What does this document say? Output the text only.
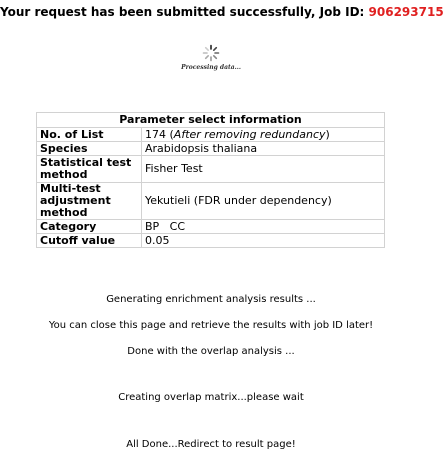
Your request has been submitted successfully, Job ID: 906293715
Processing data...
Parameter select information	
No. of List	174 (After removing redundancy)
Species	Arabidopsis thaliana
Statistical test method	Fisher Test
Multi-test adjustment method	Yekutieli (FDR under dependency)
Category	BP   CC
Cutoff value	0.05
Generating enrichment analysis results ...
You can close this page and retrieve the results with job ID later!
Done with the overlap analysis ...
Creating overlap matrix...please wait
All Done...Redirect to result page!
